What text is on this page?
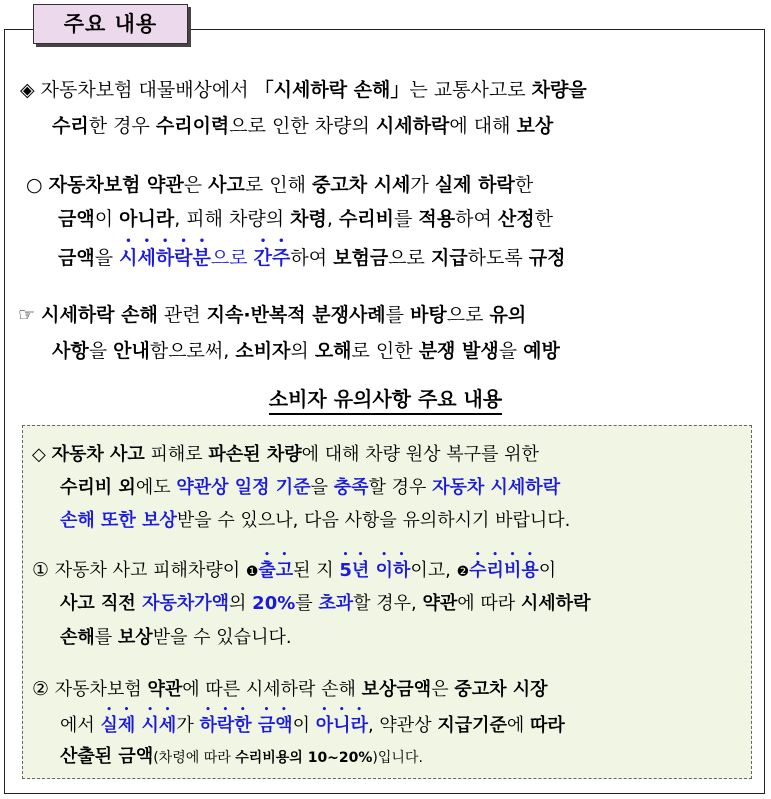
주요 내용
◈ 자동차보험 대물배상에서 「시세하락 손해」는 교통사고로 차량을
수리한 경우 수리이력으로 인한 차량의 시세하락에 대해 보상
○ 자동차보험 약관은 사고로 인해 중고차 시세가 실제 하락한
금액이 아니라, 피해 차량의 차령, 수리비를 적용하여 산정한
금액을 시세하락분으로 간주하여 보험금으로 지급하도록 규정
☞ 시세하락 손해 관련 지속·반복적 분쟁사례를 바탕으로 유의
사항을 안내함으로써, 소비자의 오해로 인한 분쟁 발생을 예방
소비자 유의사항 주요 내용
◇ 자동차 사고 피해로 파손된 차량에 대해 차량 원상 복구를 위한
수리비 외에도 약관상 일정 기준을 충족할 경우 자동차 시세하락
손해 또한 보상받을 수 있으나, 다음 사항을 유의하시기 바랍니다.
① 자동차 사고 피해차량이 ❶출고된 지 5년 이하이고, ❷수리비용이
사고 직전 자동차가액의 20%를 초과할 경우, 약관에 따라 시세하락
손해를 보상받을 수 있습니다.
② 자동차보험 약관에 따른 시세하락 손해 보상금액은 중고차 시장
에서 실제 시세가 하락한 금액이 아니라, 약관상 지급기준에 따라
산출된 금액(차령에 따라 수리비용의 10~20%)입니다.
